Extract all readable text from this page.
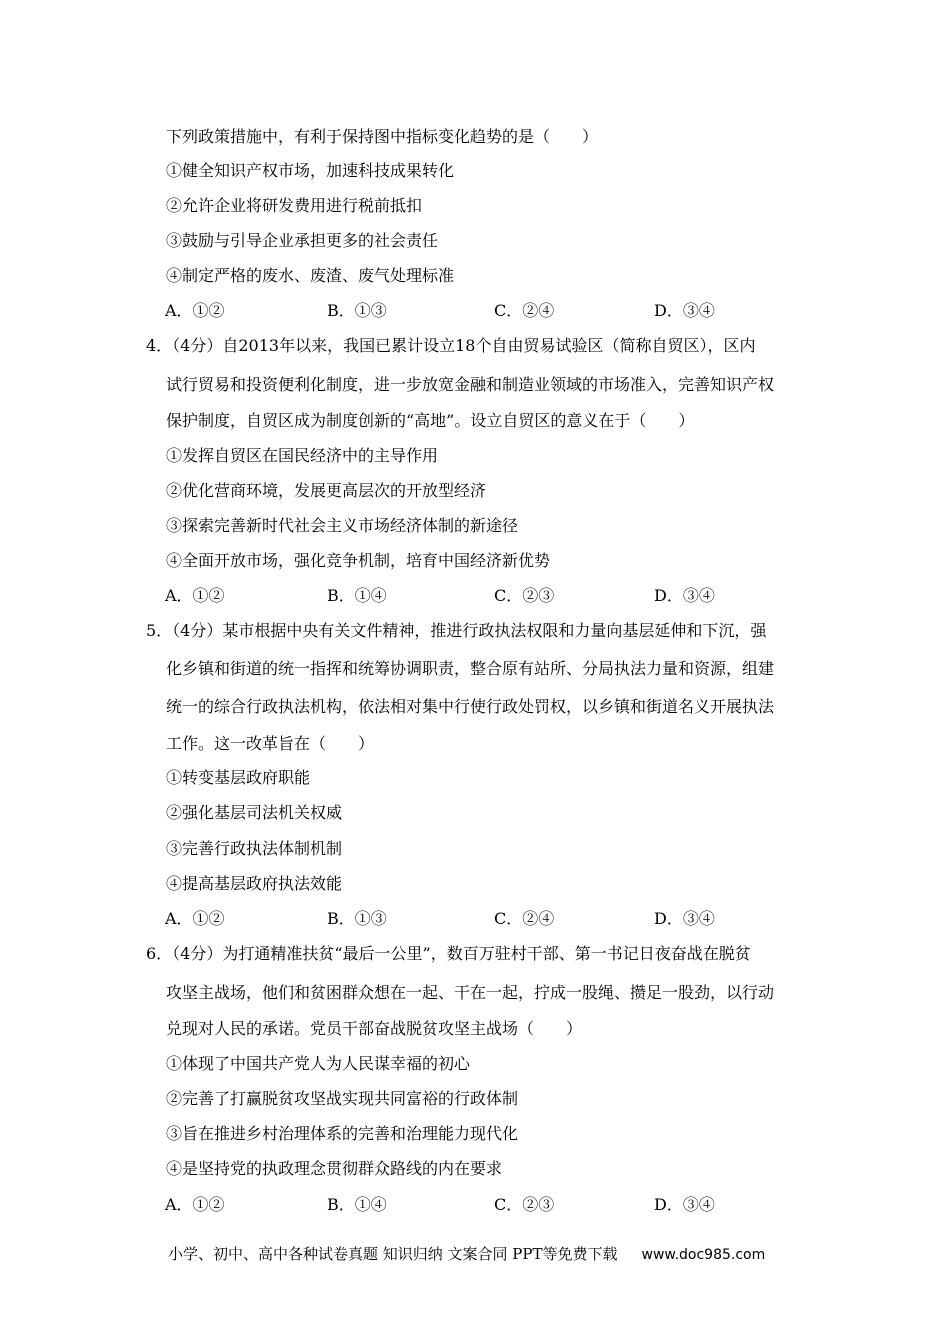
下列政策措施中，有利于保持图中指标变化趋势的是（　　）
①健全知识产权市场，加速科技成果转化
②允许企业将研发费用进行税前抵扣
③鼓励与引导企业承担更多的社会责任
④制定严格的废水、废渣、废气处理标准
A．①②	B．①③	C．②④	D．③④
4．（4分）自2013年以来，我国已累计设立18个自由贸易试验区（简称自贸区），区内
试行贸易和投资便利化制度，进一步放宽金融和制造业领域的市场准入，完善知识产权
保护制度，自贸区成为制度创新的“高地”。设立自贸区的意义在于（　　）
①发挥自贸区在国民经济中的主导作用
②优化营商环境，发展更高层次的开放型经济
③探索完善新时代社会主义市场经济体制的新途径
④全面开放市场，强化竞争机制，培育中国经济新优势
A．①②	B．①④	C．②③	D．③④
5．（4分）某市根据中央有关文件精神，推进行政执法权限和力量向基层延伸和下沉，强
化乡镇和街道的统一指挥和统筹协调职责，整合原有站所、分局执法力量和资源，组建
统一的综合行政执法机构，依法相对集中行使行政处罚权，以乡镇和街道名义开展执法
工作。这一改革旨在（　　）
①转变基层政府职能
②强化基层司法机关权威
③完善行政执法体制机制
④提高基层政府执法效能
A．①②	B．①③	C．②④	D．③④
6．（4分）为打通精准扶贫“最后一公里”，数百万驻村干部、第一书记日夜奋战在脱贫
攻坚主战场，他们和贫困群众想在一起、干在一起，拧成一股绳、攒足一股劲，以行动
兑现对人民的承诺。党员干部奋战脱贫攻坚主战场（　　）
①体现了中国共产党人为人民谋幸福的初心
②完善了打赢脱贫攻坚战实现共同富裕的行政体制
③旨在推进乡村治理体系的完善和治理能力现代化
④是坚持党的执政理念贯彻群众路线的内在要求
A．①②	B．①④	C．②③	D．③④
小学、初中、高中各种试卷真题 知识归纳 文案合同 PPT等免费下载 www.doc985.com
